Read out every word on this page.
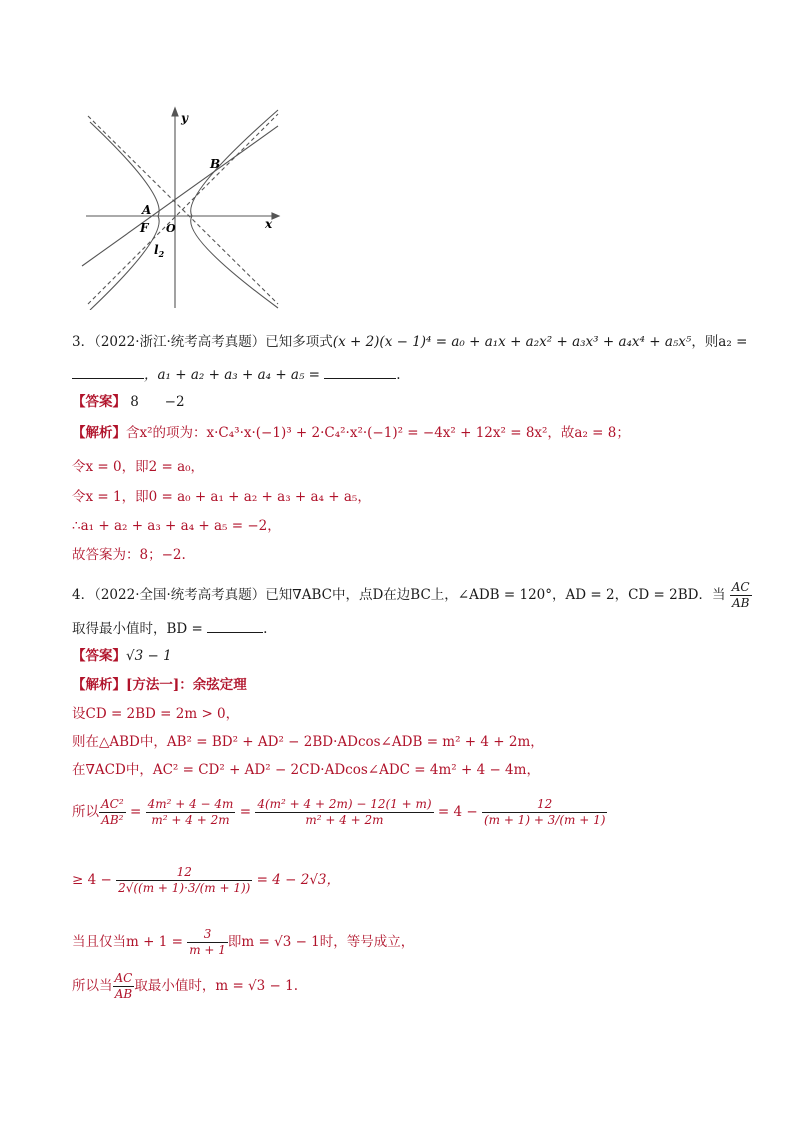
y
x
B
A
F O
$l_2$
3．（2022·浙江·统考高考真题）已知多项式(x + 2)(x − 1)⁴ = a₀ + a₁x + a₂x² + a₃x³ + a₄x⁴ + a₅x⁵，则a₂ =
，a₁ + a₂ + a₃ + a₄ + a₅ =	.
【答案】 8      −2
【解析】含x²的项为：x·C₄³·x·(−1)³ + 2·C₄²·x²·(−1)² = −4x² + 12x² = 8x²，故a₂ = 8；
令x = 0，即2 = a₀，
令x = 1，即0 = a₀ + a₁ + a₂ + a₃ + a₄ + a₅，
∴a₁ + a₂ + a₃ + a₄ + a₅ = −2，
故答案为：8；−2.
4．（2022·全国·统考高考真题）已知∇ABC中，点D在边BC上，∠ADB = 120°，AD = 2，CD = 2BD．当 $\frac{AC}{AB}$
取得最小值时，BD =	.
【答案】√3 − 1
【解析】[方法一]：余弦定理
设CD = 2BD = 2m > 0，
则在△ABD中，AB² = BD² + AD² − 2BD·ADcos∠ADB = m² + 4 + 2m，
在∇ACD中，AC² = CD² + AD² − 2CD·ADcos∠ADC = 4m² + 4 − 4m，
所以 $\frac{\text{AC²}}{\text{AB²}} = \frac{\text{4m² + 4 − 4m}}{\text{m² + 4 + 2m}} = \frac{\text{4(m² + 4 + 2m) − 12(1 + m)}}{\text{m² + 4 + 2m}} = 4 - \frac{12}{(m + 1) + 3/(m + 1)}$
≥ $4 - \frac{12}{2√((m + 1)\cdot 3/(m + 1))} = 4 - 2√3$，
当且仅当$m + 1 = \frac{3}{m + 1}$ 即m = √3 − 1时，等号成立，
所以当 $\frac{AC}{AB}$ 取最小值时，m = √3 − 1.
